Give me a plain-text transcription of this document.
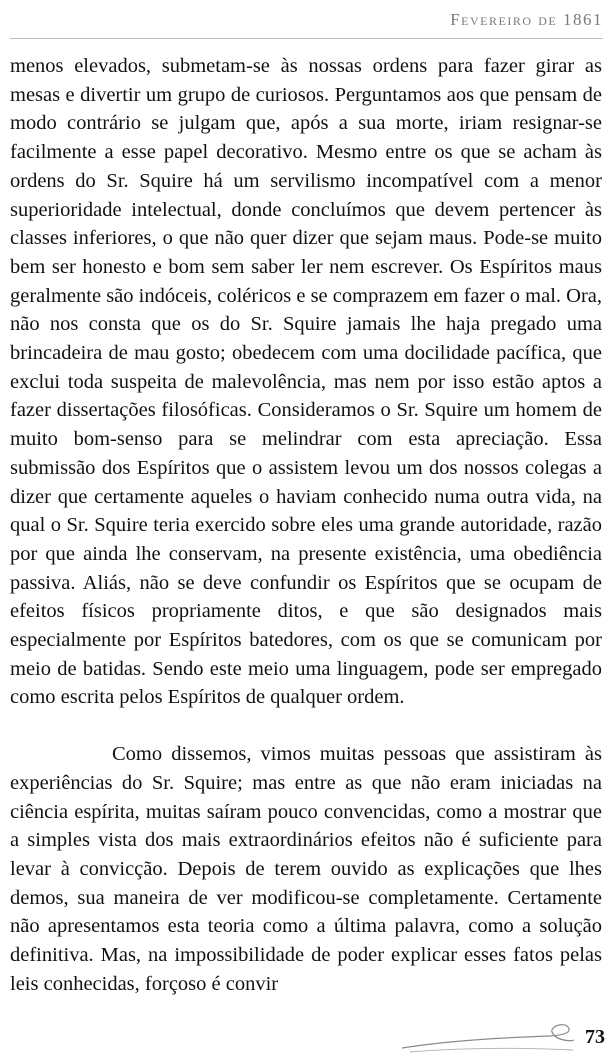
Fevereiro de 1861

menos elevados, submetam-se às nossas ordens para fazer girar as mesas e divertir um grupo de curiosos. Perguntamos aos que pensam de modo contrário se julgam que, após a sua morte, iriam resignar-se facilmente a esse papel decorativo. Mesmo entre os que se acham às ordens do Sr. Squire há um servilismo incompatível com a menor superioridade intelectual, donde concluímos que devem pertencer às classes inferiores, o que não quer dizer que sejam maus. Pode-se muito bem ser honesto e bom sem saber ler nem escrever. Os Espíritos maus geralmente são indóceis, coléricos e se comprazem em fazer o mal. Ora, não nos consta que os do Sr. Squire jamais lhe haja pregado uma brincadeira de mau gosto; obedecem com uma docilidade pacífica, que exclui toda suspeita de malevolência, mas nem por isso estão aptos a fazer dissertações filosóficas. Consideramos o Sr. Squire um homem de muito bom-senso para se melindrar com esta apreciação. Essa submissão dos Espíritos que o assistem levou um dos nossos colegas a dizer que certamente aqueles o haviam conhecido numa outra vida, na qual o Sr. Squire teria exercido sobre eles uma grande autoridade, razão por que ainda lhe conservam, na presente existência, uma obediência passiva. Aliás, não se deve confundir os Espíritos que se ocupam de efeitos físicos propriamente ditos, e que são designados mais especialmente por Espíritos batedores, com os que se comunicam por meio de batidas. Sendo este meio uma linguagem, pode ser empregado como escrita pelos Espíritos de qualquer ordem.

Como dissemos, vimos muitas pessoas que assistiram às experiências do Sr. Squire; mas entre as que não eram iniciadas na ciência espírita, muitas saíram pouco convencidas, como a mostrar que a simples vista dos mais extraordinários efeitos não é suficiente para levar à convicção. Depois de terem ouvido as explicações que lhes demos, sua maneira de ver modificou-se completamente. Certamente não apresentamos esta teoria como a última palavra, como a solução definitiva. Mas, na impossibilidade de poder explicar esses fatos pelas leis conhecidas, forçoso é convir

73
